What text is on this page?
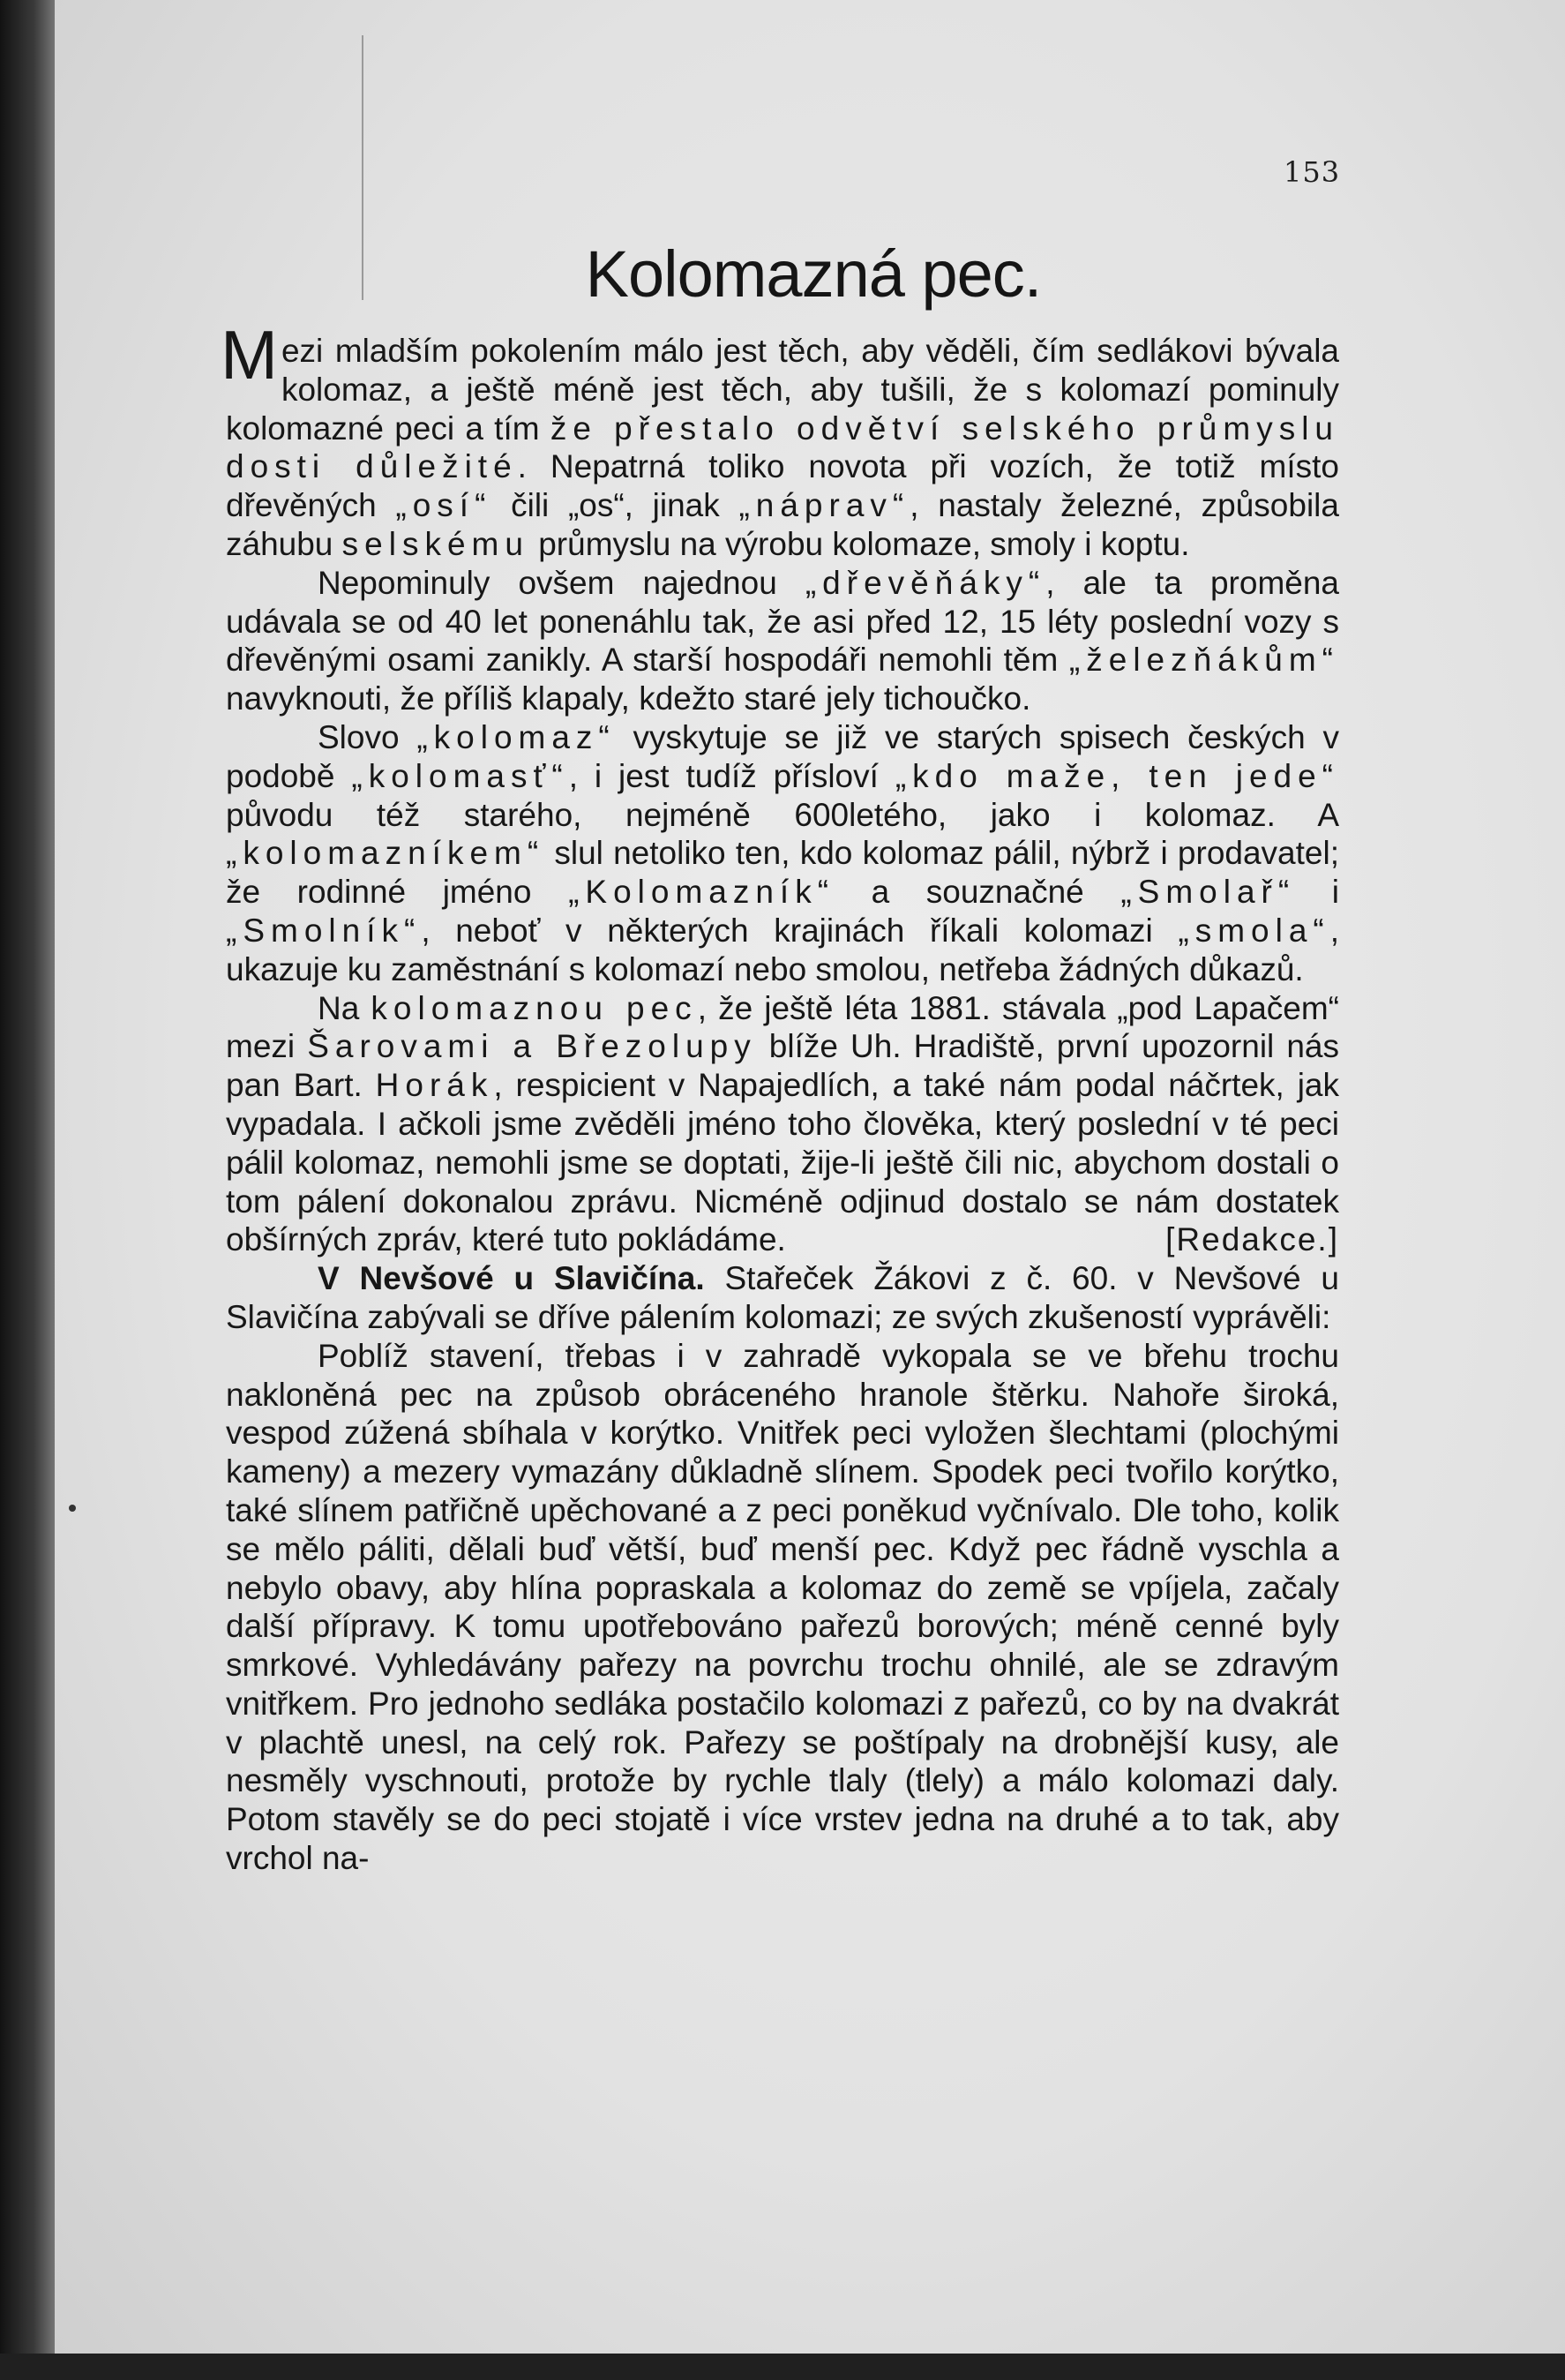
153
Kolomazná pec.

Mezi mladším pokolením málo jest těch, aby věděli, čím sedlákovi bývala kolomaz, a ještě méně jest těch, aby tušili, že s kolomazí pominuly kolomazné peci a tím že přestalo odvětví selského průmyslu dosti důležité. Nepatrná toliko novota při vozích, že totiž místo dřevěných „osí“ čili „os“, jinak „náprav“, nastaly železné, způsobila záhubu selskému průmyslu na výrobu kolomaze, smoly i koptu.

Nepominuly ovšem najednou „dřevěňáky“, ale ta proměna udávala se od 40 let ponenáhlu tak, že asi před 12, 15 léty poslední vozy s dřevěnými osami zanikly. A starší hospodáři nemohli těm „železňákům“ navyknouti, že příliš klapaly, kdežto staré jely tichoučko.

Slovo „kolomaz“ vyskytuje se již ve starých spisech českých v podobě „kolomasť“, i jest tudíž přísloví „kdo maže, ten jede“ původu též starého, nejméně 600letého, jako i kolomaz. A „kolomazníkem“ slul netoliko ten, kdo kolomaz pálil, nýbrž i prodavatel; že rodinné jméno „Kolomazník“ a souznačné „Smolař“ i „Smolník“, neboť v některých krajinách říkali kolomazi „smola“, ukazuje ku zaměstnání s kolomazí nebo smolou, netřeba žádných důkazů.

Na kolomaznou pec, že ještě léta 1881. stávala „pod Lapačem“ mezi Šarovami a Březolupy blíže Uh. Hradiště, první upozornil nás pan Bart. Horák, respicient v Napajedlích, a také nám podal náčrtek, jak vypadala. I ačkoli jsme zvěděli jméno toho člověka, který poslední v té peci pálil kolomaz, nemohli jsme se doptati, žije-li ještě čili nic, abychom dostali o tom pálení dokonalou zprávu. Nicméně odjinud dostalo se nám dostatek obšírných zpráv, které tuto pokládáme.	[Redakce.]

V Nevšové u Slavičína. Stařeček Žákovi z č. 60. v Nevšové u Slavičína zabývali se dříve pálením kolomazi; ze svých zkušeností vyprávěli:

Poblíž stavení, třebas i v zahradě vykopala se ve břehu trochu nakloněná pec na způsob obráceného hranole štěrku. Nahoře široká, vespod zúžená sbíhala v korýtko. Vnitřek peci vyložen šlechtami (plochými kameny) a mezery vymazány důkladně slínem. Spodek peci tvořilo korýtko, také slínem patřičně upěchované a z peci poněkud vyčnívalo. Dle toho, kolik se mělo páliti, dělali buď větší, buď menší pec. Když pec řádně vyschla a nebylo obavy, aby hlína popraskala a kolomaz do země se vpíjela, začaly další přípravy. K tomu upotřebováno pařezů borových; méně cenné byly smrkové. Vyhledávány pařezy na povrchu trochu ohnilé, ale se zdravým vnitřkem. Pro jednoho sedláka postačilo kolomazi z pařezů, co by na dvakrát v plachtě unesl, na celý rok. Pařezy se poštípaly na drobnější kusy, ale nesměly vyschnouti, protože by rychle tlaly (tlely) a málo kolomazi daly. Potom stavěly se do peci stojatě i více vrstev jedna na druhé a to tak, aby vrchol na-
